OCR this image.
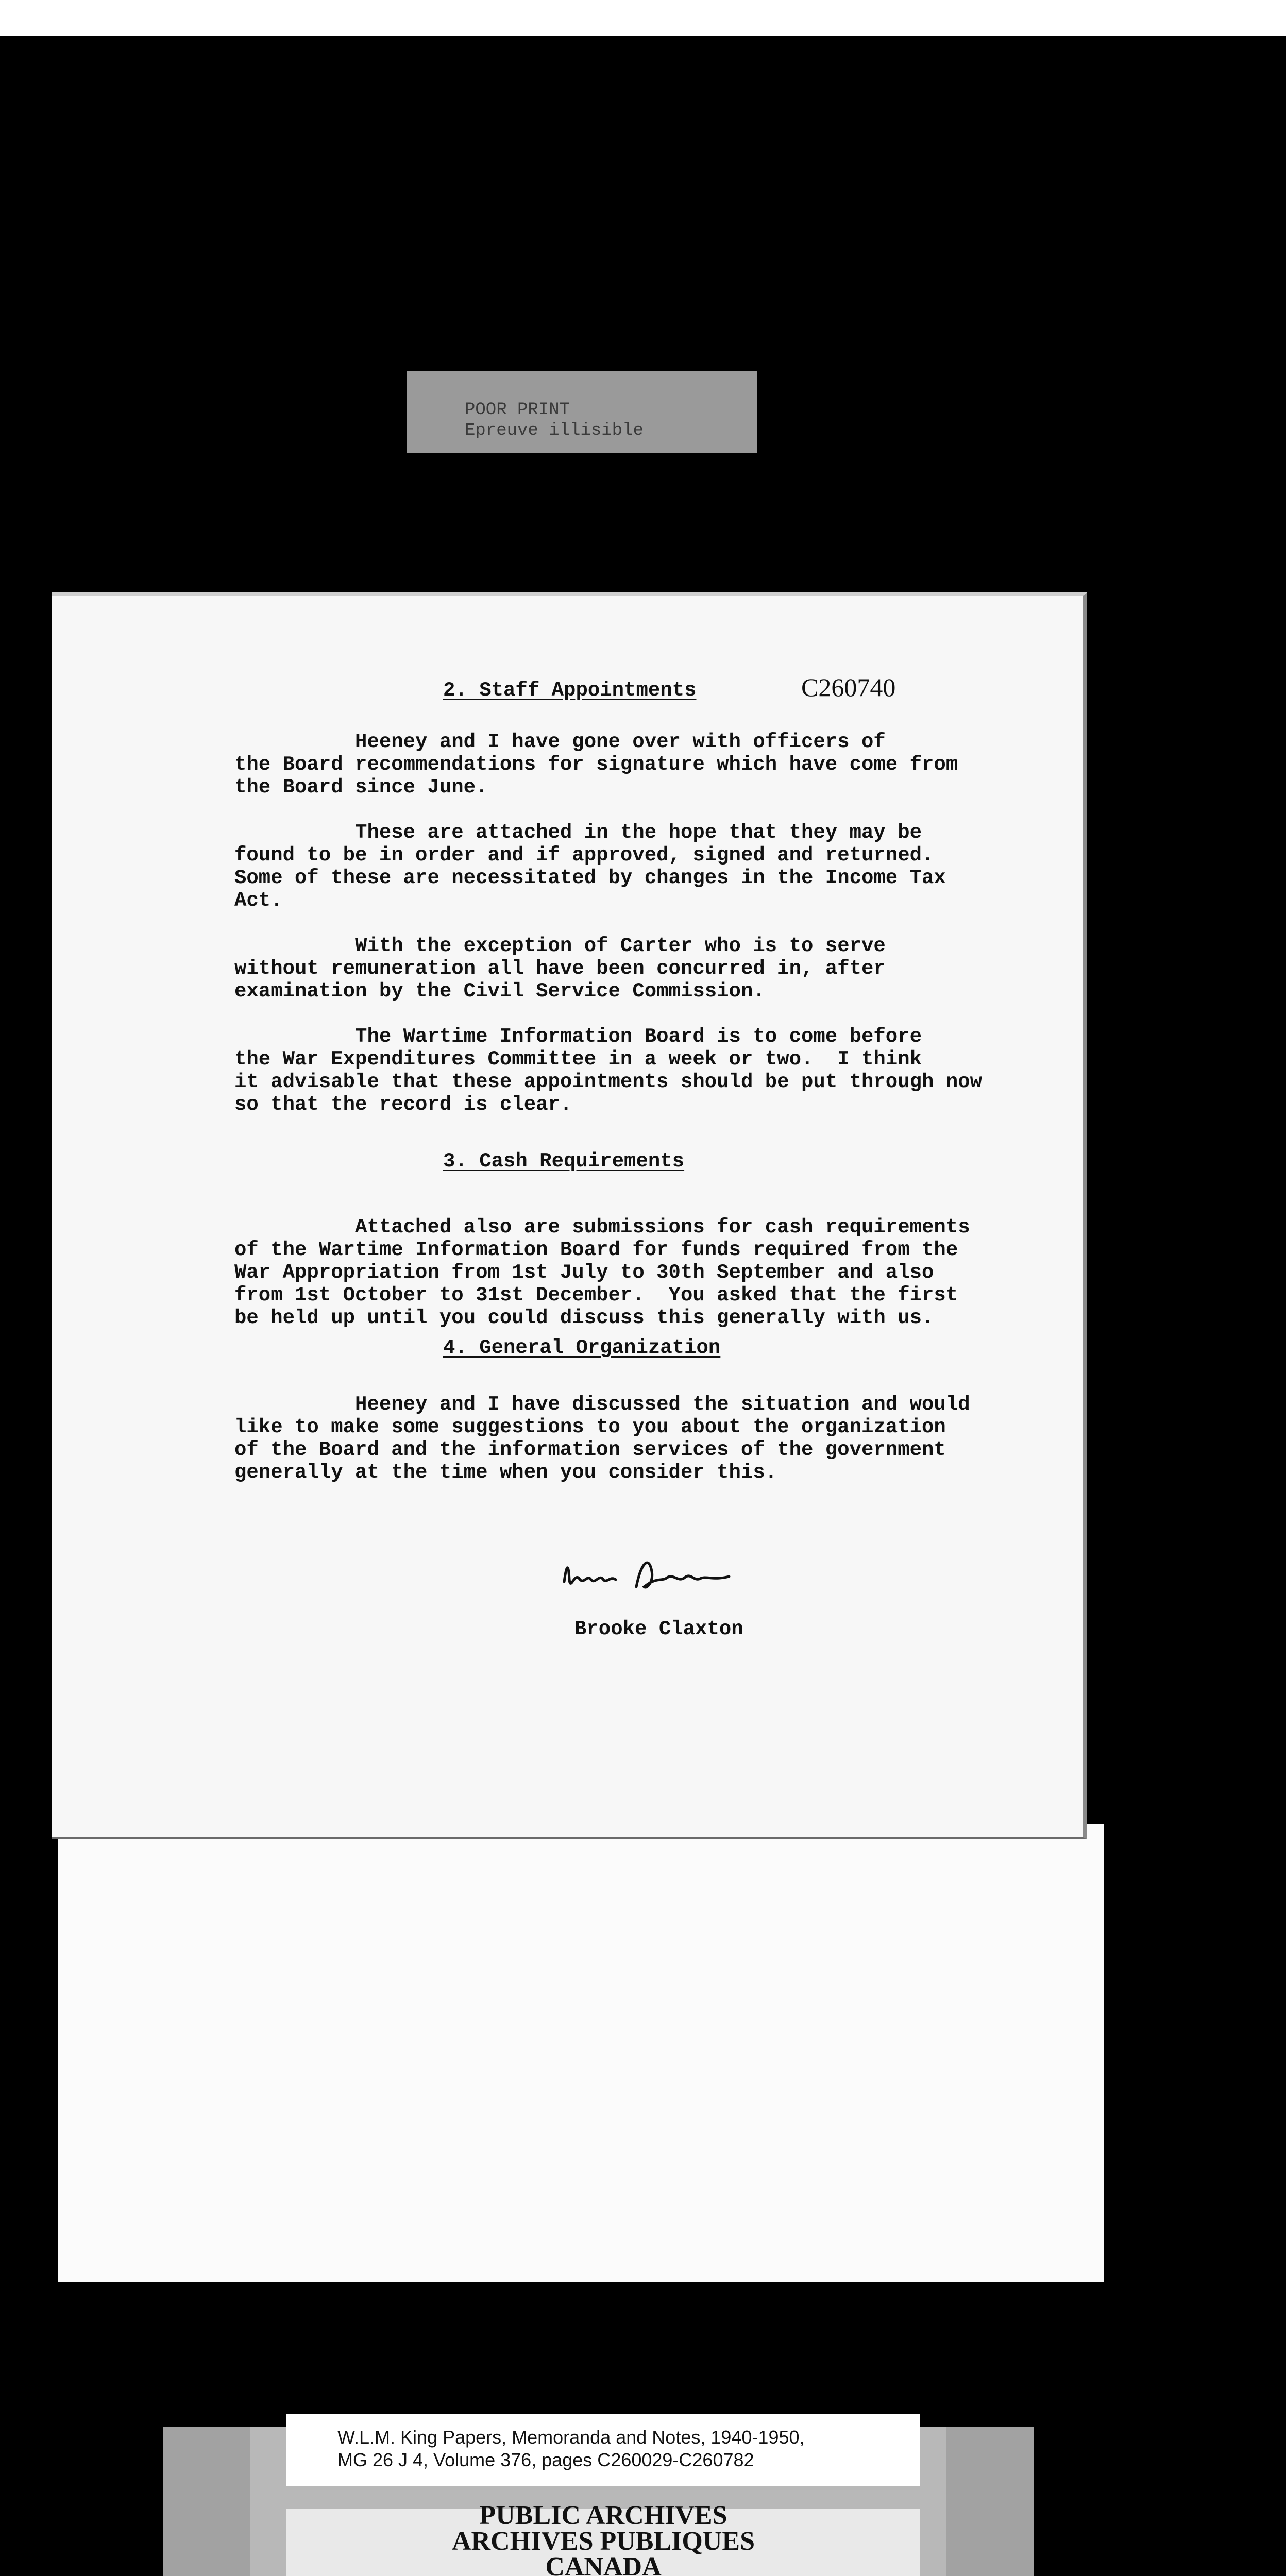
POOR PRINT
Epreuve illisible
2. Staff Appointments	C260740

Heeney and I have gone over with officers of
the Board recommendations for signature which have come from
the Board since June.

These are attached in the hope that they may be
found to be in order and if approved, signed and returned.
Some of these are necessitated by changes in the Income Tax
Act.

With the exception of Carter who is to serve
without remuneration all have been concurred in, after
examination by the Civil Service Commission.

The Wartime Information Board is to come before
the War Expenditures Committee in a week or two.  I think
it advisable that these appointments should be put through now
so that the record is clear.

3. Cash Requirements

Attached also are submissions for cash requirements
of the Wartime Information Board for funds required from the
War Appropriation from 1st July to 30th September and also
from 1st October to 31st December.  You asked that the first
be held up until you could discuss this generally with us.

4. General Organization

Heeney and I have discussed the situation and would
like to make some suggestions to you about the organization
of the Board and the information services of the government
generally at the time when you consider this.

Brooke Claxton
W.L.M. King Papers, Memoranda and Notes, 1940-1950,
MG 26 J 4, Volume 376, pages C260029-C260782
PUBLIC ARCHIVES
ARCHIVES PUBLIQUES
CANADA
